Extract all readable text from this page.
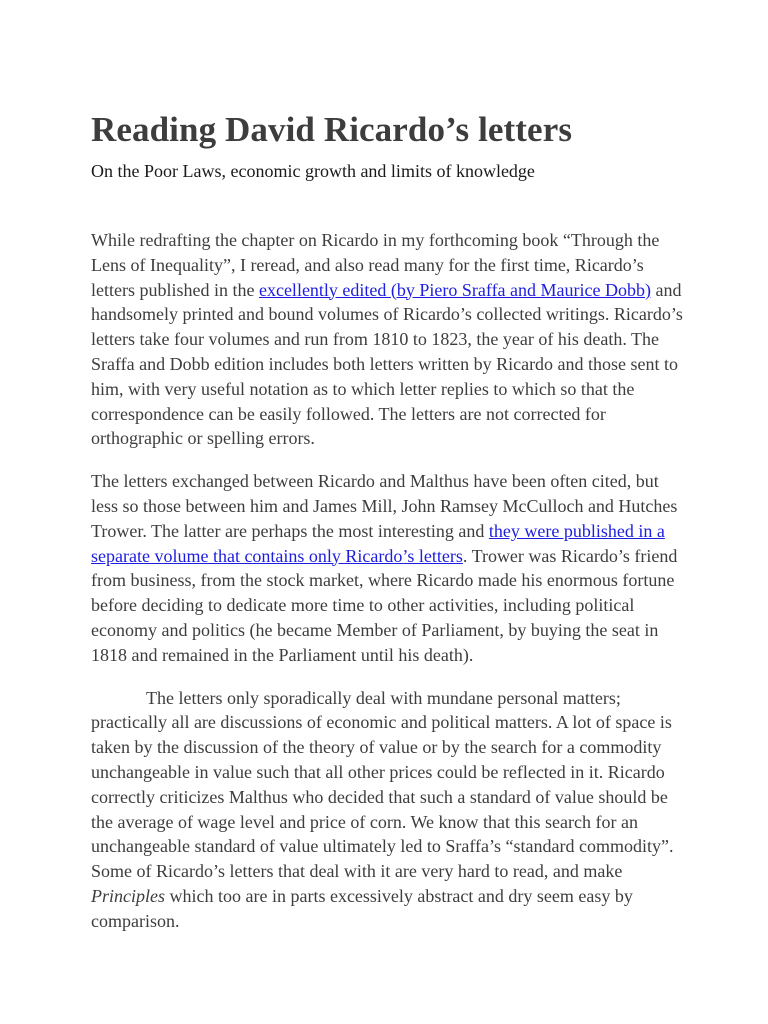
Reading David Ricardo’s letters

On the Poor Laws, economic growth and limits of knowledge

While redrafting the chapter on Ricardo in my forthcoming book “Through the Lens of Inequality”, I reread, and also read many for the first time, Ricardo’s letters published in the excellently edited (by Piero Sraffa and Maurice Dobb) and handsomely printed and bound volumes of Ricardo’s collected writings. Ricardo’s letters take four volumes and run from 1810 to 1823, the year of his death. The Sraffa and Dobb edition includes both letters written by Ricardo and those sent to him, with very useful notation as to which letter replies to which so that the correspondence can be easily followed. The letters are not corrected for orthographic or spelling errors.

The letters exchanged between Ricardo and Malthus have been often cited, but less so those between him and James Mill, John Ramsey McCulloch and Hutches Trower. The latter are perhaps the most interesting and they were published in a separate volume that contains only Ricardo’s letters. Trower was Ricardo’s friend from business, from the stock market, where Ricardo made his enormous fortune before deciding to dedicate more time to other activities, including political economy and politics (he became Member of Parliament, by buying the seat in 1818 and remained in the Parliament until his death).

The letters only sporadically deal with mundane personal matters; practically all are discussions of economic and political matters. A lot of space is taken by the discussion of the theory of value or by the search for a commodity unchangeable in value such that all other prices could be reflected in it. Ricardo correctly criticizes Malthus who decided that such a standard of value should be the average of wage level and price of corn. We know that this search for an unchangeable standard of value ultimately led to Sraffa’s “standard commodity”. Some of Ricardo’s letters that deal with it are very hard to read, and make Principles which too are in parts excessively abstract and dry seem easy by comparison.
